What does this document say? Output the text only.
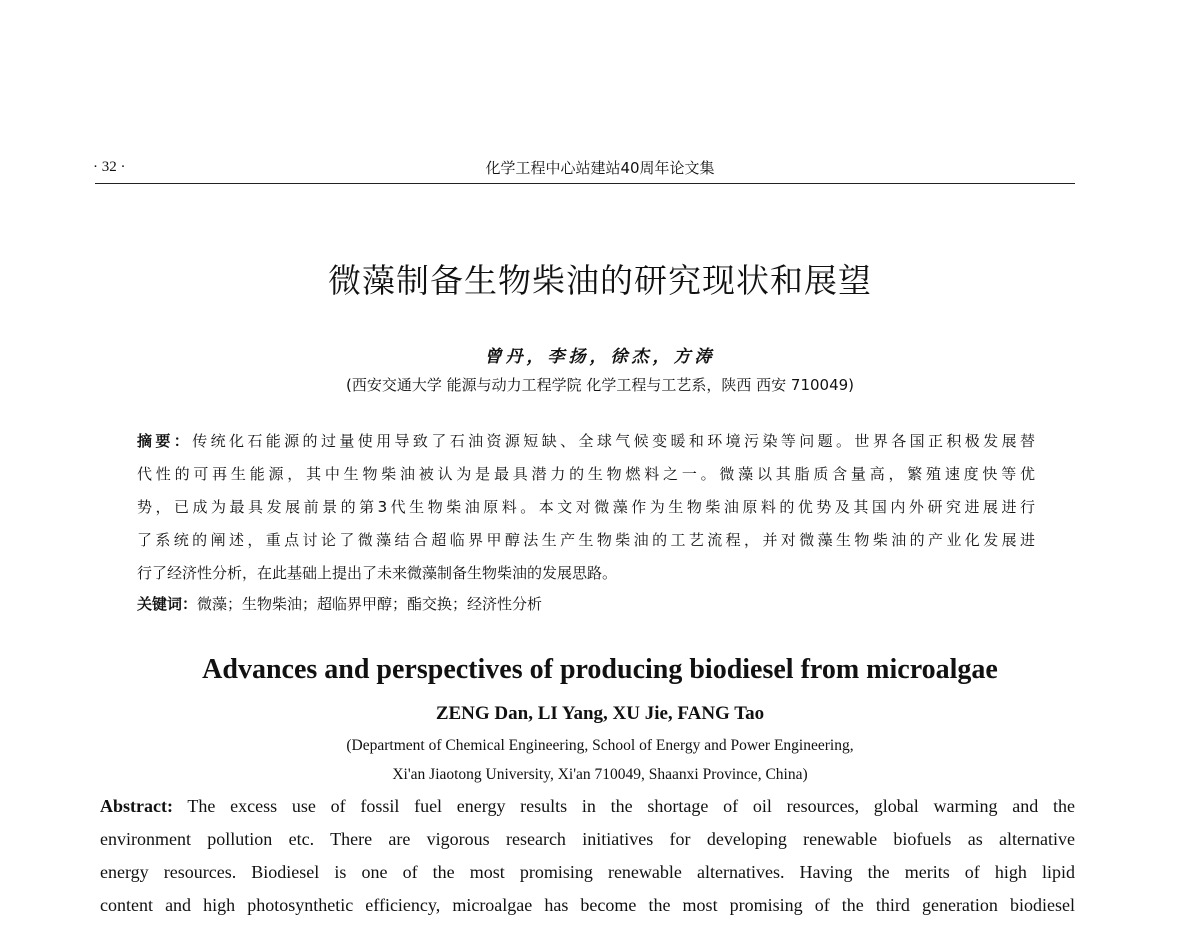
· 32 ·	化学工程中心站建站40周年论文集
微藻制备生物柴油的研究现状和展望
曾丹，李扬，徐杰，方涛
(西安交通大学 能源与动力工程学院 化学工程与工艺系，陕西 西安 710049)
摘要：传统化石能源的过量使用导致了石油资源短缺、全球气候变暖和环境污染等问题。世界各国正积极发展替
代性的可再生能源，其中生物柴油被认为是最具潜力的生物燃料之一。微藻以其脂质含量高，繁殖速度快等优
势，已成为最具发展前景的第3代生物柴油原料。本文对微藻作为生物柴油原料的优势及其国内外研究进展进行
了系统的阐述，重点讨论了微藻结合超临界甲醇法生产生物柴油的工艺流程，并对微藻生物柴油的产业化发展进
行了经济性分析，在此基础上提出了未来微藻制备生物柴油的发展思路。
关键词：微藻；生物柴油；超临界甲醇；酯交换；经济性分析
Advances and perspectives of producing biodiesel from microalgae
ZENG Dan, LI Yang, XU Jie, FANG Tao
(Department of Chemical Engineering, School of Energy and Power Engineering,
Xi'an Jiaotong University, Xi'an 710049, Shaanxi Province, China)
Abstract: The excess use of fossil fuel energy results in the shortage of oil resources, global warming and the
environment pollution etc. There are vigorous research initiatives for developing renewable biofuels as alternative
energy resources. Biodiesel is one of the most promising renewable alternatives. Having the merits of high lipid
content and high photosynthetic efficiency, microalgae has become the most promising of the third generation biodiesel
